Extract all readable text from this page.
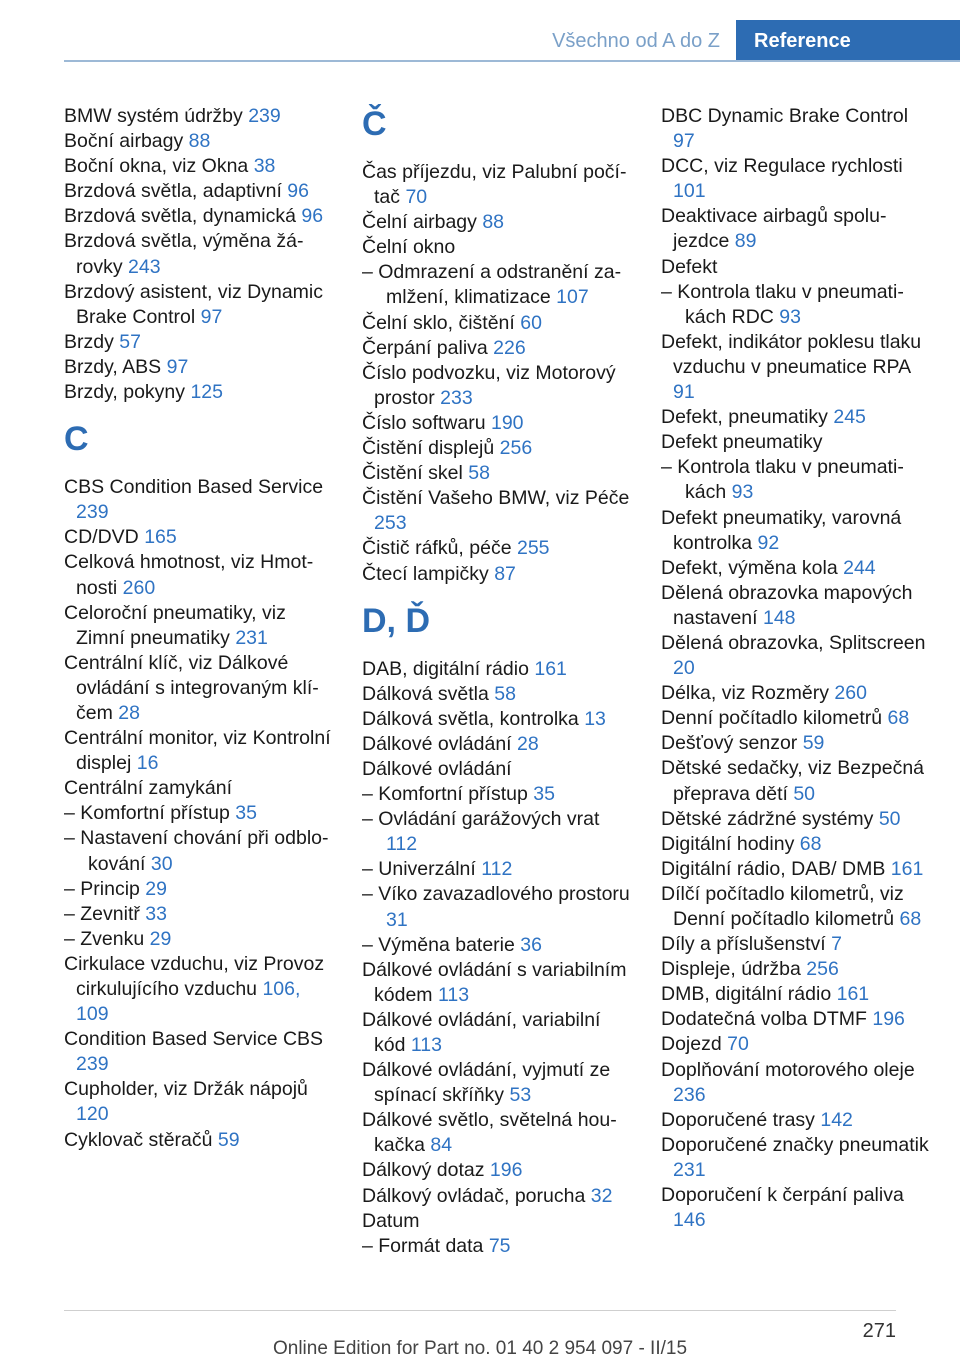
Všechno od A do Z	Reference
BMW systém údržby 239
Boční airbagy 88
Boční okna, viz Okna 38
Brzdová světla, adaptivní 96
Brzdová světla, dynamická 96
Brzdová světla, výměna žárovky 243
Brzdový asistent, viz Dynamic Brake Control 97
Brzdy 57
Brzdy, ABS 97
Brzdy, pokyny 125
C
CBS Condition Based Service 239
CD/DVD 165
Celková hmotnost, viz Hmotnosti 260
Celoroční pneumatiky, viz Zimní pneumatiky 231
Centrální klíč, viz Dálkové ovládání s integrovaným klíčem 28
Centrální monitor, viz Kontrolní displej 16
Centrální zamykání
– Komfortní přístup 35
– Nastavení chování při odblokování 30
– Princip 29
– Zevnitř 33
– Zvenku 29
Cirkulace vzduchu, viz Provoz cirkulujícího vzduchu 106, 109
Condition Based Service CBS 239
Cupholder, viz Držák nápojů 120
Cyklovač stěračů 59
Č
Čas příjezdu, viz Palubní počítač 70
Čelní airbagy 88
Čelní okno
– Odmrazení a odstranění zamlžení, klimatizace 107
Čelní sklo, čištění 60
Čerpání paliva 226
Číslo podvozku, viz Motorový prostor 233
Číslo softwaru 190
Čistění displejů 256
Čistění skel 58
Čistění Vašeho BMW, viz Péče 253
Čistič ráfků, péče 255
Čtecí lampičky 87
D, Ď
DAB, digitální rádio 161
Dálková světla 58
Dálková světla, kontrolka 13
Dálkové ovládání 28
Dálkové ovládání
– Komfortní přístup 35
– Ovládání garážových vrat 112
– Univerzální 112
– Víko zavazadlového prostoru 31
– Výměna baterie 36
Dálkové ovládání s variabilním kódem 113
Dálkové ovládání, variabilní kód 113
Dálkové ovládání, vyjmutí ze spínací skříňky 53
Dálkové světlo, světelná houkačka 84
Dálkový dotaz 196
Dálkový ovládač, porucha 32
Datum
– Formát data 75
DBC Dynamic Brake Control 97
DCC, viz Regulace rychlosti 101
Deaktivace airbagů spolujezdce 89
Defekt
– Kontrola tlaku v pneumatikách RDC 93
Defekt, indikátor poklesu tlaku vzduchu v pneumatice RPA 91
Defekt, pneumatiky 245
Defekt pneumatiky
– Kontrola tlaku v pneumatikách 93
Defekt pneumatiky, varovná kontrolka 92
Defekt, výměna kola 244
Dělená obrazovka mapových nastavení 148
Dělená obrazovka, Splitscreen 20
Délka, viz Rozměry 260
Denní počítadlo kilometrů 68
Dešťový senzor 59
Dětské sedačky, viz Bezpečná přeprava dětí 50
Dětské zádržné systémy 50
Digitální hodiny 68
Digitální rádio, DAB/ DMB 161
Dílčí počítadlo kilometrů, viz Denní počítadlo kilometrů 68
Díly a příslušenství 7
Displeje, údržba 256
DMB, digitální rádio 161
Dodatečná volba DTMF 196
Dojezd 70
Doplňování motorového oleje 236
Doporučené trasy 142
Doporučené značky pneumatik 231
Doporučení k čerpání paliva 146
271
Online Edition for Part no. 01 40 2 954 097 - II/15
